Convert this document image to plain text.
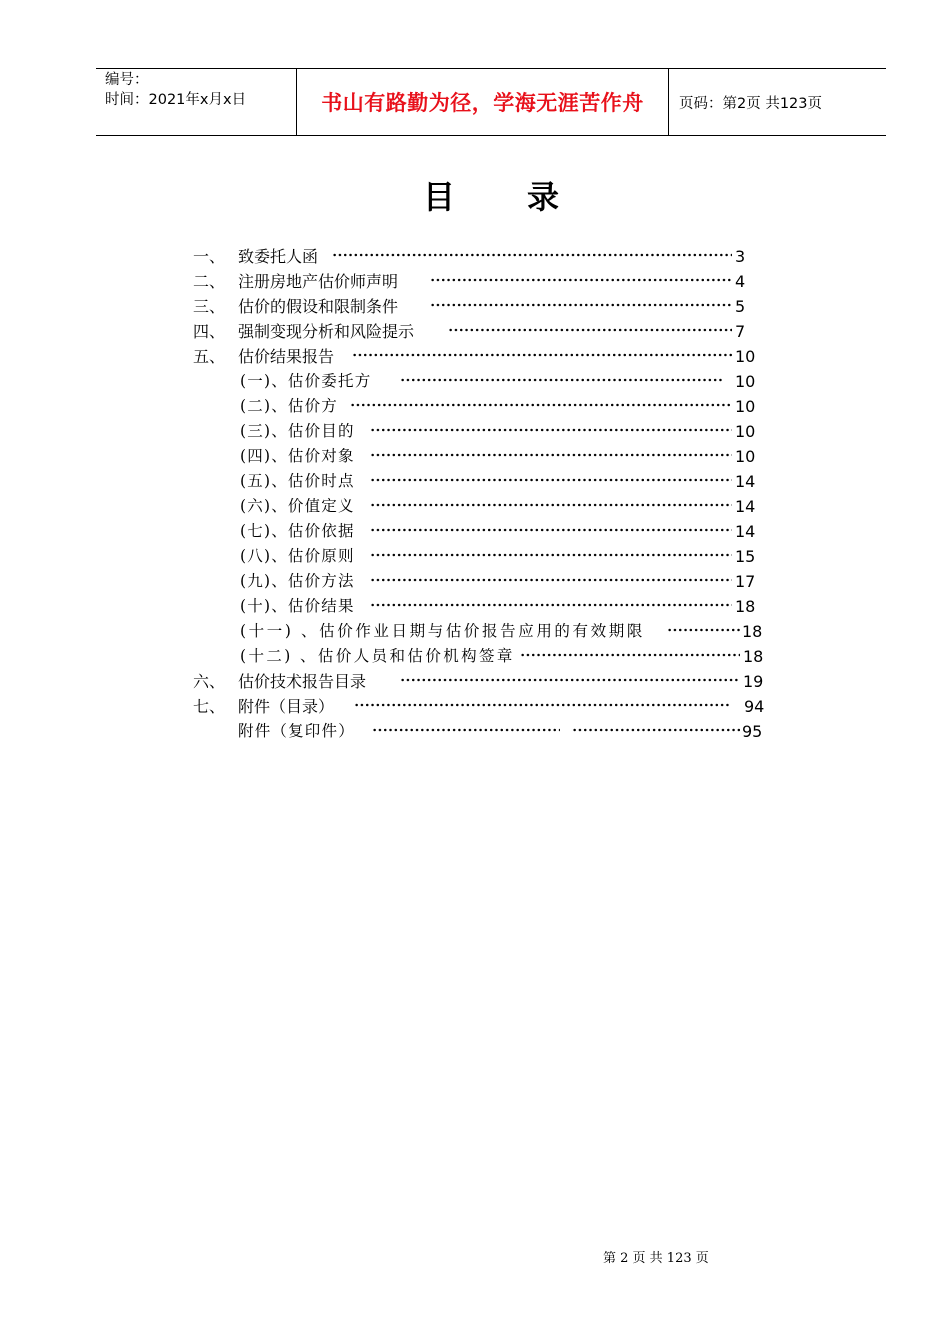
编号：
时间：2021年x月x日	书山有路勤为径，学海无涯苦作舟	页码：第2页 共123页
目 录
一、 致委托人函	3
二、 注册房地产估价师声明	4
三、 估价的假设和限制条件	5
四、 强制变现分析和风险提示	7
五、 估价结果报告	10
(一)、估价委托方	10
(二)、估价方	10
(三)、估价目的	10
(四)、估价对象	10
(五)、估价时点	14
(六)、价值定义	14
(七)、估价依据	14
(八)、估价原则	15
(九)、估价方法	17
(十)、估价结果	18
(十一) 、估价作业日期与估价报告应用的有效期限	18
(十二) 、估价人员和估价机构签章	18
六、 估价技术报告目录	19
七、 附件（目录）	94
附件（复印件）	95
第 2 页 共 123 页
